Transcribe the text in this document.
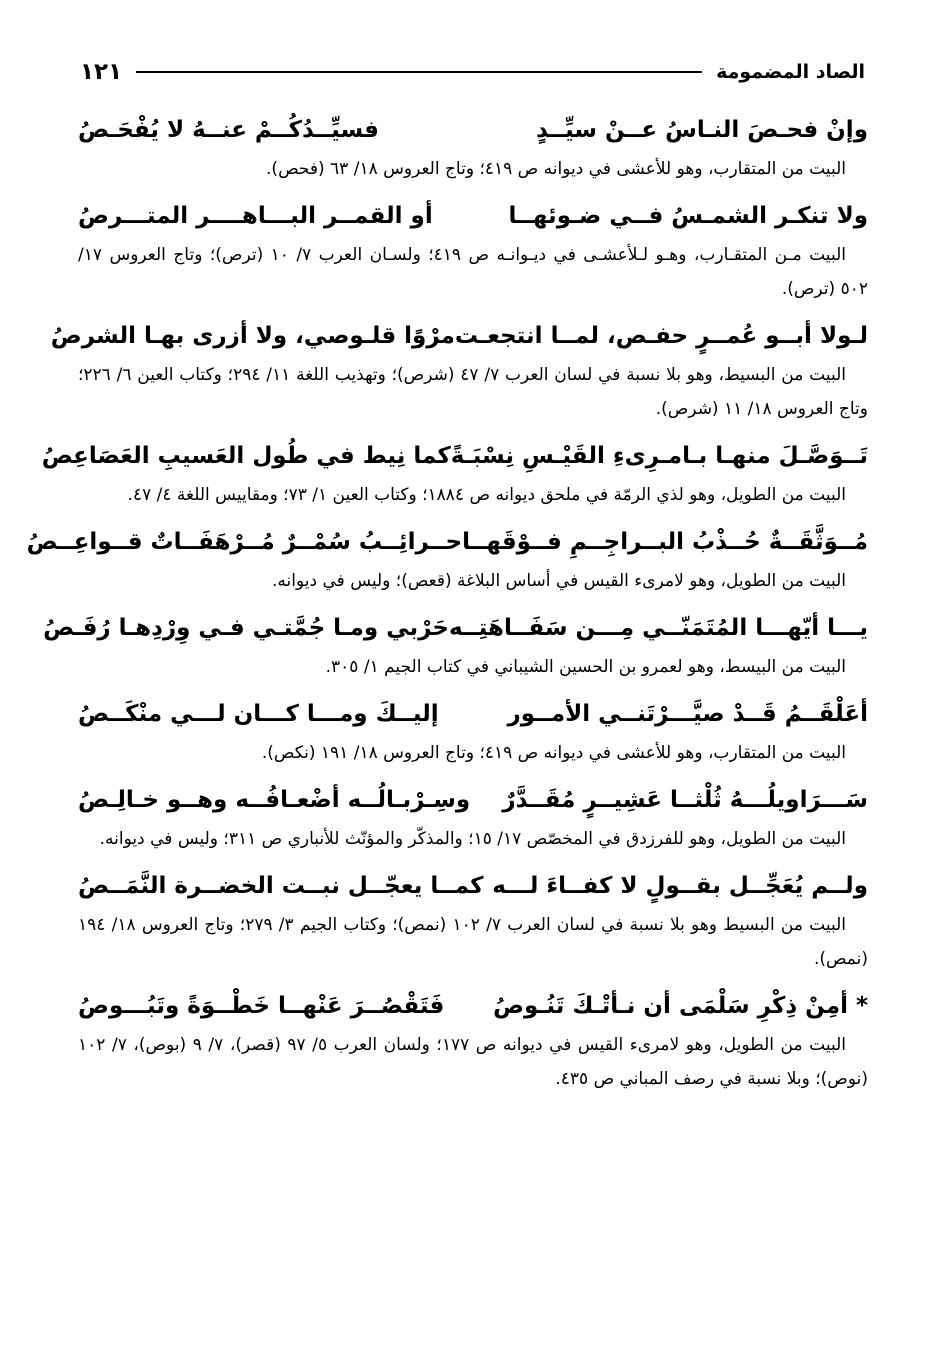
الصاد المضمومة
١٢١
وإنْ فحـصَ النـاسُ عــنْ سيِّــدٍ
فسيِّــدُكُــمْ عنــهُ لا يُفْحَـصُ

البيت من المتقارب، وهو للأعشى في ديوانه ص ٤١٩؛ وتاج العروس ١٨/ ٦٣ (فحص).

ولا تنكـر الشمـسُ فــي ضـوئهــا
أو القمــر البـــاهــــر المتـــرصُ

البيت مـن المتقـارب، وهـو لـلأعشـى في ديـوانـه ص ٤١٩؛ ولسـان العرب ٧/ ١٠ (ترص)؛ وتاج العروس ١٧/ ٥٠٢ (ترص).

لـولا أبــو عُمــرٍ حفـص، لمــا انتجعـت
مرْوًا قلـوصي، ولا أزرى بهـا الشرصُ

البيت من البسيط، وهو بلا نسبة في لسان العرب ٧/ ٤٧ (شرص)؛ وتهذيب اللغة ١١/ ٢٩٤؛ وكتاب العين ٦/ ٢٢٦؛ وتاج العروس ١٨/ ١١ (شرص).

تَــوَصَّـلَ منهـا بـامـرِىءِ القَيْـسِ نِسْبَـةً
كما نِيط في طُول العَسيبِ العَصَاعِصُ

البيت من الطويل، وهو لذي الرمّة في ملحق ديوانه ص ١٨٨٤؛ وكتاب العين ١/ ٧٣؛ ومقاييس اللغة ٤/ ٤٧.

مُــوَثَّقَــةٌ حُــذْبُ البــراجِــمِ فــوْقَهــا
حــرائِــبُ سُمْــرٌ مُــرْهَفَــاتٌ قــواعِــصُ

البيت من الطويل، وهو لامرىء القيس في أساس البلاغة (قعص)؛ وليس في ديوانه.

يـــا أيّهـــا المُتَمَنّــي مِـــن سَفَــاهَتِــه
حَرْبي ومـا جُمَّتـي فـي وِرْدِهـا رُفَـصُ

البيت من البيسط، وهو لعمرو بن الحسين الشيباني في كتاب الجيم ١/ ٣٠٥.

أعَلْقَــمُ قَــدْ صيَّـــرْتَنــي الأمــور
إليــكَ ومـــا كـــان لـــي منْكَــصُ

البيت من المتقارب، وهو للأعشى في ديوانه ص ٤١٩؛ وتاج العروس ١٨/ ١٩١ (نكص).

سَـــرَاويلُـــهُ ثُلْثــا عَشِيــرٍ مُقَــدَّرٌ
وسِـرْبـالُــه أضْعـافُــه وهــو خـالِـصُ

البيت من الطويل، وهو للفرزدق في المخصّص ١٧/ ١٥؛ والمذكّر والمؤنّث للأنباري ص ٣١١؛ وليس في ديوانه.

ولــم يُعَجِّــل بقــولٍ لا كفــاءَ لـــه
كمــا يعجّــل نبــت الخضــرة النَّمَــصُ

البيت من البسيط وهو بلا نسبة في لسان العرب ٧/ ١٠٢ (نمص)؛ وكتاب الجيم ٣/ ٢٧٩؛ وتاج العروس ١٨/ ١٩٤ (نمص).

* أمِنْ ذِكْرِ سَلْمَى أن نـأتْـكَ تَنُـوصُ
فَتَقْصُــرَ عَنْهــا خَطْــوَةً وتَبُـــوصُ

البيت من الطويل، وهو لامرىء القيس في ديوانه ص ١٧٧؛ ولسان العرب ٥/ ٩٧ (قصر)، ٧/ ٩ (بوص)، ٧/ ١٠٢ (نوص)؛ وبلا نسبة في رصف المباني ص ٤٣٥.
